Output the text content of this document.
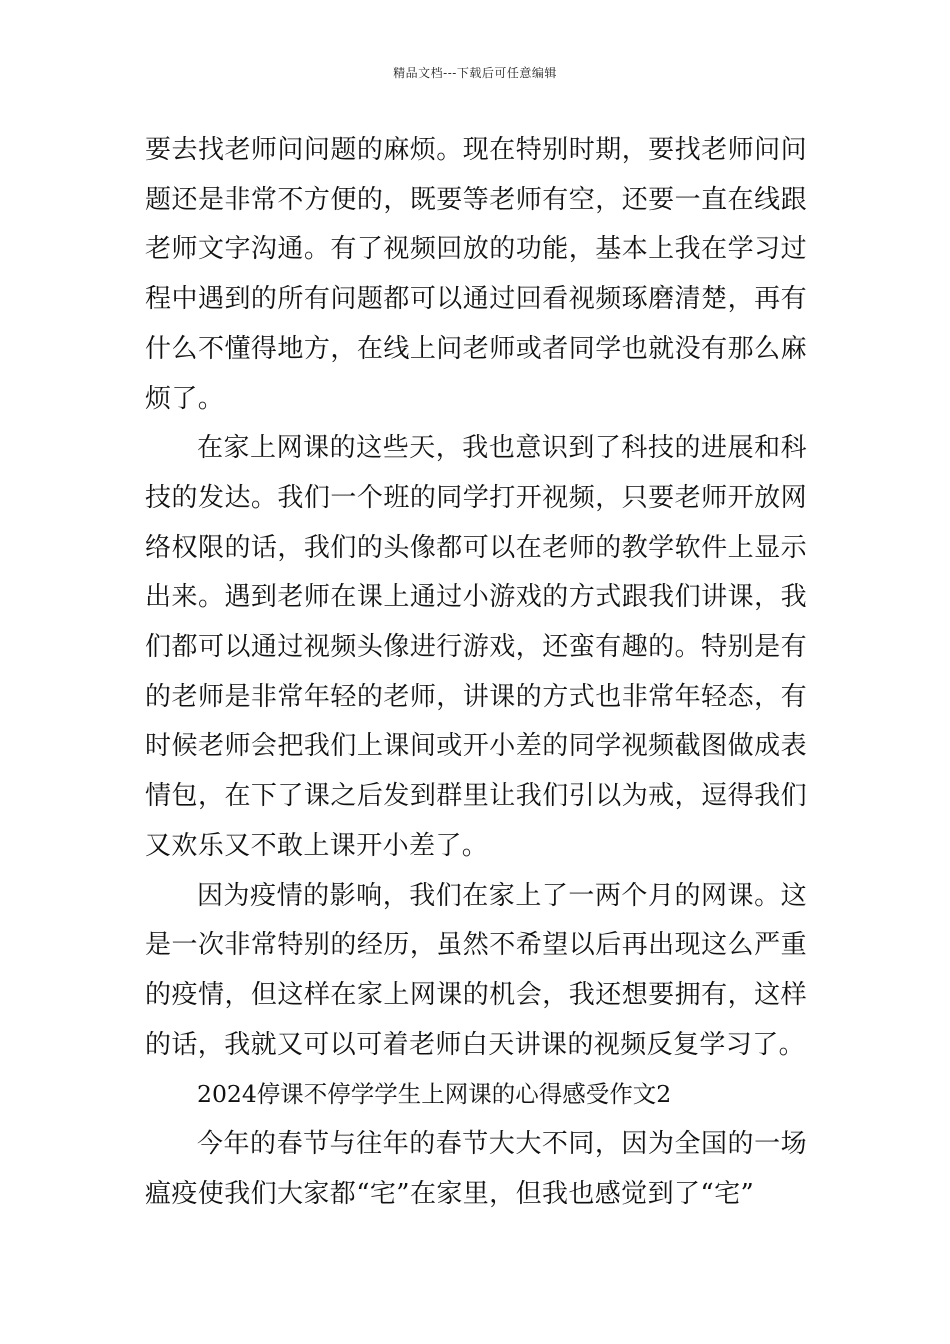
精品文档---下载后可任意编辑

要去找老师问问题的麻烦。现在特别时期，要找老师问问题还是非常不方便的，既要等老师有空，还要一直在线跟老师文字沟通。有了视频回放的功能，基本上我在学习过程中遇到的所有问题都可以通过回看视频琢磨清楚，再有什么不懂得地方，在线上问老师或者同学也就没有那么麻烦了。

在家上网课的这些天，我也意识到了科技的进展和科技的发达。我们一个班的同学打开视频，只要老师开放网络权限的话，我们的头像都可以在老师的教学软件上显示出来。遇到老师在课上通过小游戏的方式跟我们讲课，我们都可以通过视频头像进行游戏，还蛮有趣的。特别是有的老师是非常年轻的老师，讲课的方式也非常年轻态，有时候老师会把我们上课间或开小差的同学视频截图做成表情包，在下了课之后发到群里让我们引以为戒，逗得我们又欢乐又不敢上课开小差了。

因为疫情的影响，我们在家上了一两个月的网课。这是一次非常特别的经历，虽然不希望以后再出现这么严重的疫情，但这样在家上网课的机会，我还想要拥有，这样的话，我就又可以可着老师白天讲课的视频反复学习了。

2024停课不停学学生上网课的心得感受作文2

今年的春节与往年的春节大大不同，因为全国的一场瘟疫使我们大家都“宅”在家里，但我也感觉到了“宅”
